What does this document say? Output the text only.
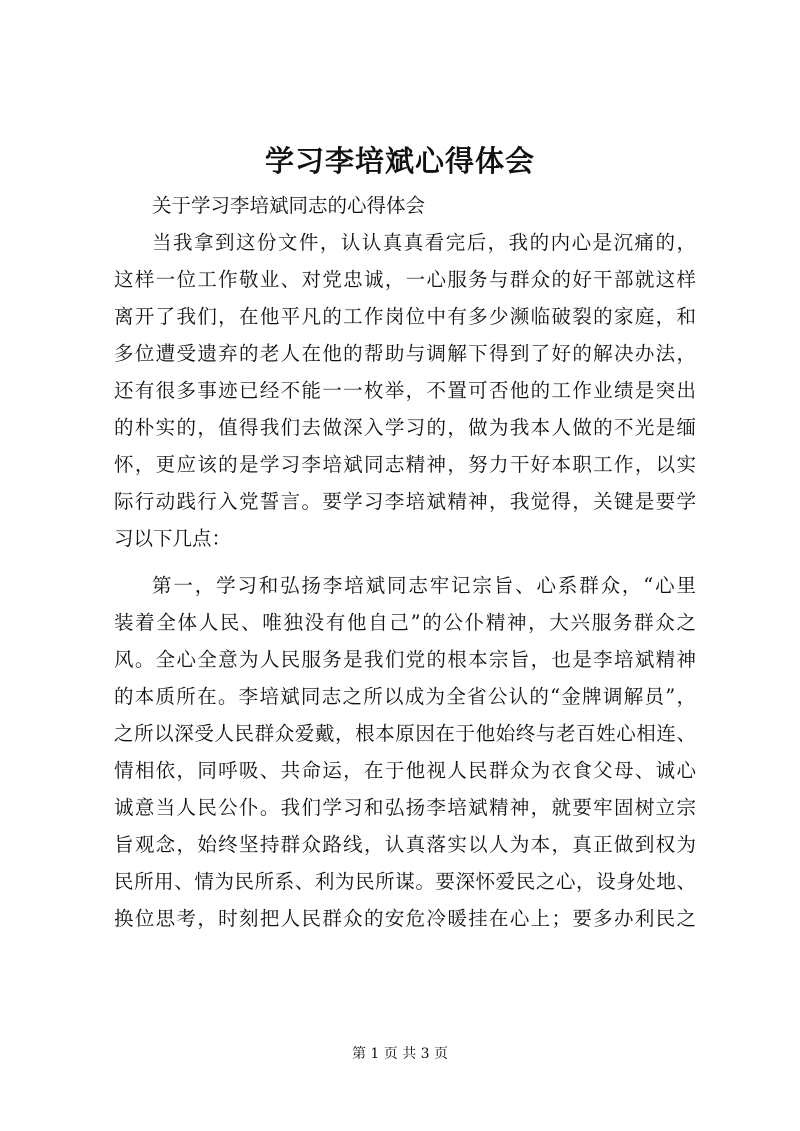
学习李培斌心得体会
关于学习李培斌同志的心得体会
当我拿到这份文件，认认真真看完后，我的内心是沉痛的，
这样一位工作敬业、对党忠诚，一心服务与群众的好干部就这样
离开了我们，在他平凡的工作岗位中有多少濒临破裂的家庭，和
多位遭受遗弃的老人在他的帮助与调解下得到了好的解决办法，
还有很多事迹已经不能一一枚举，不置可否他的工作业绩是突出
的朴实的，值得我们去做深入学习的，做为我本人做的不光是缅
怀，更应该的是学习李培斌同志精神，努力干好本职工作，以实
际行动践行入党誓言。要学习李培斌精神，我觉得，关键是要学
习以下几点：
第一，学习和弘扬李培斌同志牢记宗旨、心系群众，“心里
装着全体人民、唯独没有他自己”的公仆精神，大兴服务群众之
风。全心全意为人民服务是我们党的根本宗旨，也是李培斌精神
的本质所在。李培斌同志之所以成为全省公认的“金牌调解员”，
之所以深受人民群众爱戴，根本原因在于他始终与老百姓心相连、
情相依，同呼吸、共命运，在于他视人民群众为衣食父母、诚心
诚意当人民公仆。我们学习和弘扬李培斌精神，就要牢固树立宗
旨观念，始终坚持群众路线，认真落实以人为本，真正做到权为
民所用、情为民所系、利为民所谋。要深怀爱民之心，设身处地、
换位思考，时刻把人民群众的安危冷暖挂在心上；要多办利民之
第 1 页 共 3 页
